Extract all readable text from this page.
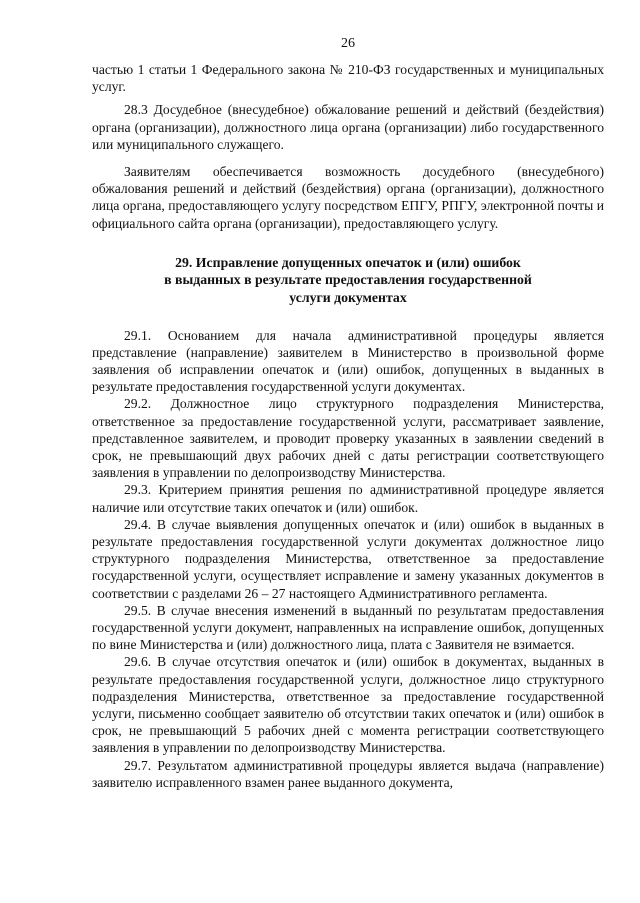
26

частью 1 статьи 1 Федерального закона № 210-ФЗ государственных и муниципальных услуг.

28.3 Досудебное (внесудебное) обжалование решений и действий (бездействия) органа (организации), должностного лица органа (организации) либо государственного или муниципального служащего.

Заявителям обеспечивается возможность досудебного (внесудебного) обжалования решений и действий (бездействия) органа (организации), должностного лица органа, предоставляющего услугу посредством ЕПГУ, РПГУ, электронной почты и официального сайта органа (организации), предоставляющего услугу.

29. Исправление допущенных опечаток и (или) ошибок
в выданных в результате предоставления государственной
услуги документах

29.1. Основанием для начала административной процедуры является представление (направление) заявителем в Министерство в произвольной форме заявления об исправлении опечаток и (или) ошибок, допущенных в выданных в результате предоставления государственной услуги документах.

29.2. Должностное лицо структурного подразделения Министерства, ответственное за предоставление государственной услуги, рассматривает заявление, представленное заявителем, и проводит проверку указанных в заявлении сведений в срок, не превышающий двух рабочих дней с даты регистрации соответствующего заявления в управлении по делопроизводству Министерства.

29.3. Критерием принятия решения по административной процедуре является наличие или отсутствие таких опечаток и (или) ошибок.

29.4. В случае выявления допущенных опечаток и (или) ошибок в выданных в результате предоставления государственной услуги документах должностное лицо структурного подразделения Министерства, ответственное за предоставление государственной услуги, осуществляет исправление и замену указанных документов в соответствии с разделами 26 – 27 настоящего Административного регламента.

29.5. В случае внесения изменений в выданный по результатам предоставления государственной услуги документ, направленных на исправление ошибок, допущенных по вине Министерства и (или) должностного лица, плата с Заявителя не взимается.

29.6. В случае отсутствия опечаток и (или) ошибок в документах, выданных в результате предоставления государственной услуги, должностное лицо структурного подразделения Министерства, ответственное за предоставление государственной услуги, письменно сообщает заявителю об отсутствии таких опечаток и (или) ошибок в срок, не превышающий 5 рабочих дней с момента регистрации соответствующего заявления в управлении по делопроизводству Министерства.

29.7. Результатом административной процедуры является выдача (направление) заявителю исправленного взамен ранее выданного документа,
